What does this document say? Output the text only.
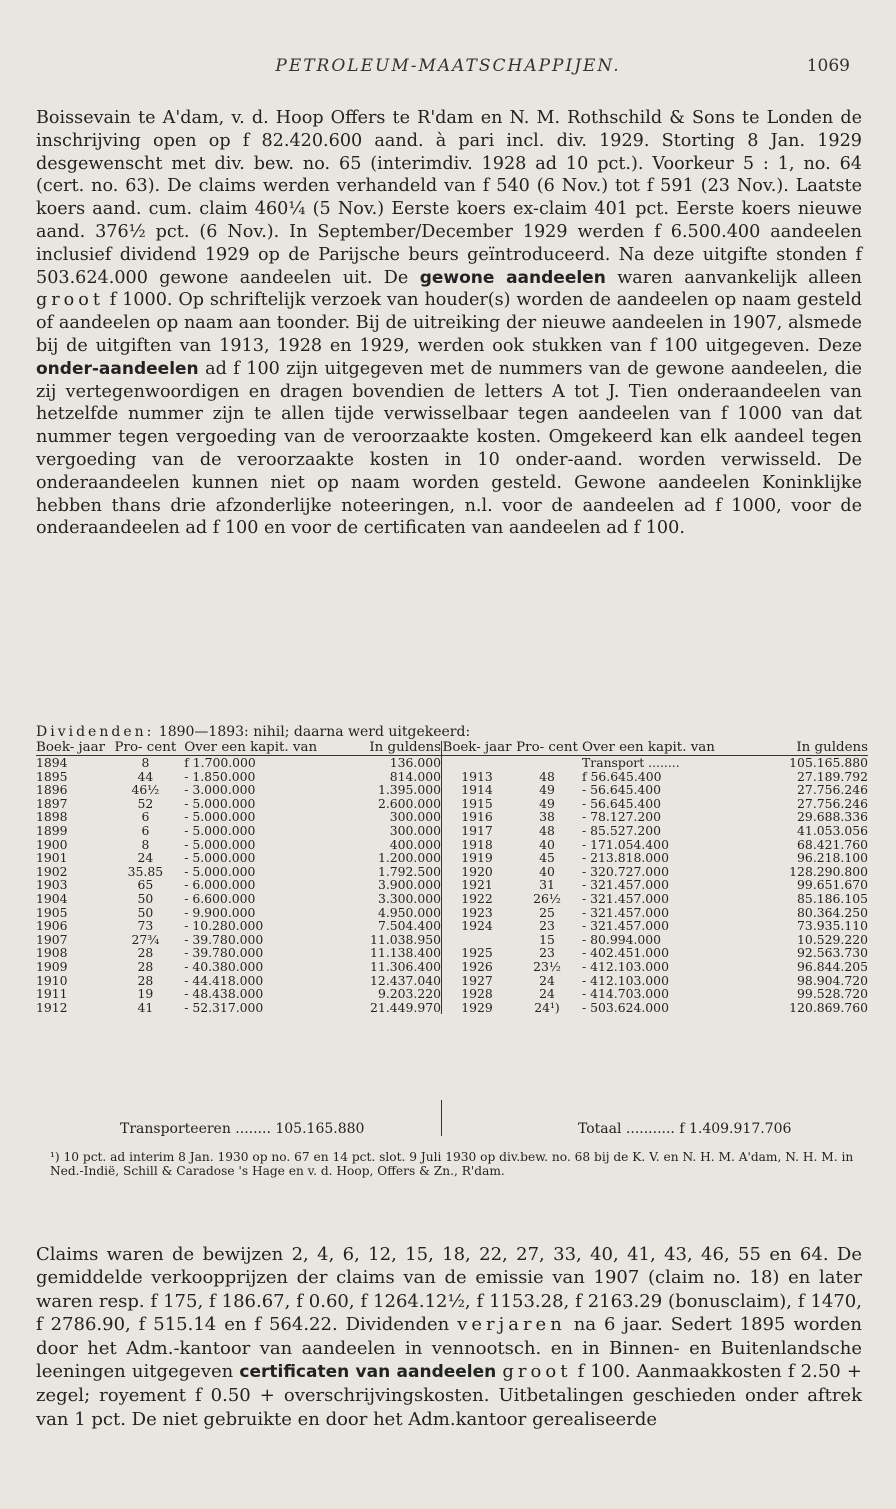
PETROLEUM-MAATSCHAPPIJEN.	1069
Boissevain te A'dam, v. d. Hoop Offers te R'dam en N. M. Rothschild & Sons te Londen de inschrijving open op f 82.420.600 aand. à pari incl. div. 1929. Storting 8 Jan. 1929 desgewenscht met div. bew. no. 65 (interimdiv. 1928 ad 10 pct.). Voorkeur 5 : 1, no. 64 (cert. no. 63). De claims werden verhandeld van f 540 (6 Nov.) tot f 591 (23 Nov.). Laatste koers aand. cum. claim 460¼ (5 Nov.) Eerste koers ex-claim 401 pct. Eerste koers nieuwe aand. 376½ pct. (6 Nov.). In September/December 1929 werden f 6.500.400 aandeelen inclusief dividend 1929 op de Parijsche beurs geïntroduceerd. Na deze uitgifte stonden f 503.624.000 gewone aandeelen uit. De gewone aandeelen waren aanvankelijk alleen groot f 1000. Op schriftelijk verzoek van houder(s) worden de aandeelen op naam gesteld of aandeelen op naam aan toonder. Bij de uitreiking der nieuwe aandeelen in 1907, alsmede bij de uitgiften van 1913, 1928 en 1929, werden ook stukken van f 100 uitgegeven. Deze onder-aandeelen ad f 100 zijn uitgegeven met de nummers van de gewone aandeelen, die zij vertegenwoordigen en dragen bovendien de letters A tot J. Tien onderaandeelen van hetzelfde nummer zijn te allen tijde verwisselbaar tegen aandeelen van f 1000 van dat nummer tegen vergoeding van de veroorzaakte kosten. Omgekeerd kan elk aandeel tegen vergoeding van de veroorzaakte kosten in 10 onder-aand. worden verwisseld. De onderaandeelen kunnen niet op naam worden gesteld. Gewone aandeelen Koninklijke hebben thans drie afzonderlijke noteeringen, n.l. voor de aandeelen ad f 1000, voor de onderaandeelen ad f 100 en voor de certificaten van aandeelen ad f 100.
Dividenden: 1890—1893: nihil; daarna werd uitgekeerd:
Boek- jaar	Pro- cent	Over een kapit. van	In guldens
1894	8	f 1.700.000	136.000
1895	44	- 1.850.000	814.000
1896	46½	- 3.000.000	1.395.000
1897	52	- 5.000.000	2.600.000
1898	6	- 5.000.000	300.000
1899	6	- 5.000.000	300.000
1900	8	- 5.000.000	400.000
1901	24	- 5.000.000	1.200.000
1902	35.85	- 5.000.000	1.792.500
1903	65	- 6.000.000	3.900.000
1904	50	- 6.600.000	3.300.000
1905	50	- 9.900.000	4.950.000
1906	73	- 10.280.000	7.504.400
1907	27¾	- 39.780.000	11.038.950
1908	28	- 39.780.000	11.138.400
1909	28	- 40.380.000	11.306.400
1910	28	- 44.418.000	12.437.040
1911	19	- 48.438.000	9.203.220
1912	41	- 52.317.000	21.449.970
Boek- jaar	Pro- cent	Over een kapit. van	In guldens
		Transport ........	105.165.880
1913	48	f 56.645.400	27.189.792
1914	49	- 56.645.400	27.756.246
1915	49	- 56.645.400	27.756.246
1916	38	- 78.127.200	29.688.336
1917	48	- 85.527.200	41.053.056
1918	40	- 171.054.400	68.421.760
1919	45	- 213.818.000	96.218.100
1920	40	- 320.727.000	128.290.800
1921	31	- 321.457.000	99.651.670
1922	26½	- 321.457.000	85.186.105
1923	25	- 321.457.000	80.364.250
1924	23	- 321.457.000	73.935.110
	15	- 80.994.000	10.529.220
1925	23	- 402.451.000	92.563.730
1926	23½	- 412.103.000	96.844.205
1927	24	- 412.103.000	98.904.720
1928	24	- 414.703.000	99.528.720
1929	24¹)	- 503.624.000	120.869.760
Transporteeren ........ 105.165.880	Totaal ........... f 1.409.917.706
¹) 10 pct. ad interim 8 Jan. 1930 op no. 67 en 14 pct. slot. 9 Juli 1930 op div.bew. no. 68 bij de K. V. en N. H. M. A'dam, N. H. M. in Ned.-Indië, Schill & Caradose 's Hage en v. d. Hoop, Offers & Zn., R'dam.
Claims waren de bewijzen 2, 4, 6, 12, 15, 18, 22, 27, 33, 40, 41, 43, 46, 55 en 64. De gemiddelde verkoopprijzen der claims van de emissie van 1907 (claim no. 18) en later waren resp. f 175, f 186.67, f 0.60, f 1264.12½, f 1153.28, f 2163.29 (bonusclaim), f 1470, f 2786.90, f 515.14 en f 564.22. Dividenden verjaren na 6 jaar. Sedert 1895 worden door het Adm.-kantoor van aandeelen in vennootsch. en in Binnen- en Buitenlandsche leeningen uitgegeven certificaten van aandeelen groot f 100. Aanmaakkosten f 2.50 + zegel; royement f 0.50 + overschrijvingskosten. Uitbetalingen geschieden onder aftrek van 1 pct. De niet gebruikte en door het Adm.kantoor gerealiseerde
